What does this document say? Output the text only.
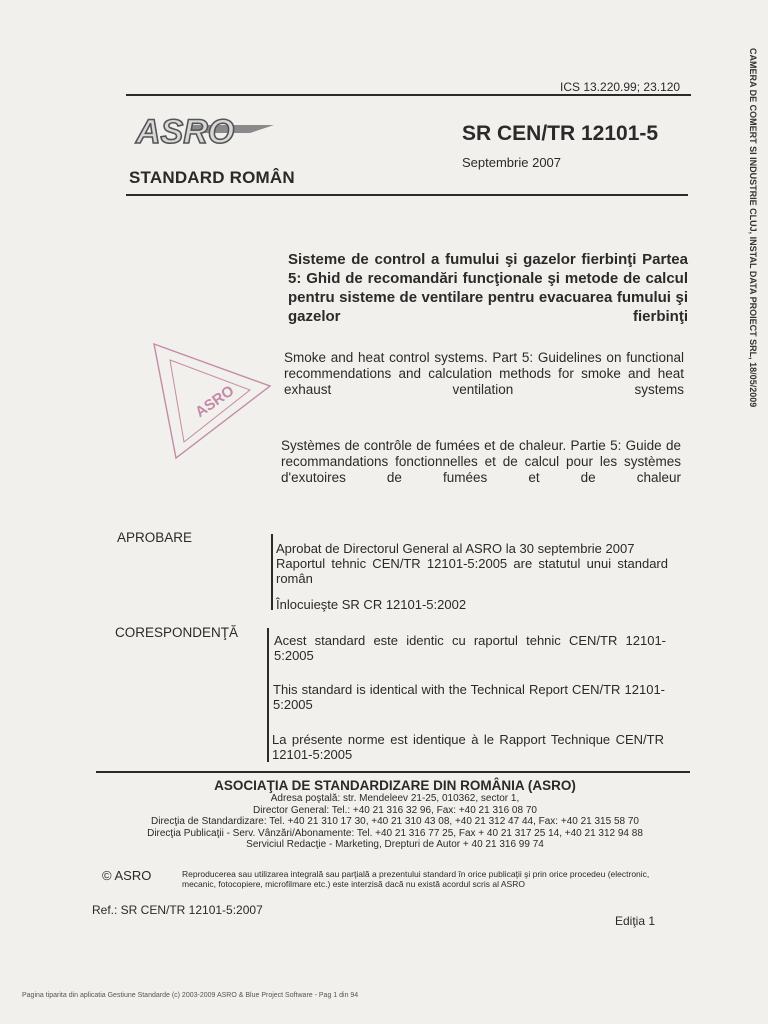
ICS 13.220.99; 23.120
ASRO
STANDARD ROMÂN
SR CEN/TR 12101-5
Septembrie 2007
Sisteme de control a fumului şi gazelor fierbinţi Partea 5: Ghid de recomandări funcţionale şi metode de calcul pentru sisteme de ventilare pentru evacuarea fumului şi gazelor fierbinţi
Smoke and heat control systems. Part 5: Guidelines on functional recommendations and calculation methods for smoke and heat exhaust ventilation systems
Systèmes de contrôle de fumées et de chaleur. Partie 5: Guide de recommandations fonctionnelles et de calcul pour les systèmes d'exutoires de fumées et de chaleur
ASRO
APROBARE
Aprobat de Directorul General al ASRO la 30 septembrie 2007
Raportul tehnic CEN/TR 12101-5:2005 are statutul unui standard român
Înlocuieşte SR CR 12101-5:2002
CORESPONDENŢĂ
Acest standard este identic cu raportul tehnic CEN/TR 12101-5:2005
This standard is identical with the Technical Report CEN/TR 12101-5:2005
La présente norme est identique à le Rapport Technique CEN/TR 12101-5:2005
ASOCIAŢIA DE STANDARDIZARE DIN ROMÂNIA (ASRO)
Adresa poştală: str. Mendeleev 21-25, 010362, sector 1,
Director General: Tel.: +40 21 316 32 96, Fax: +40 21 316 08 70
Direcţia de Standardizare: Tel. +40 21 310 17 30, +40 21 310 43 08, +40 21 312 47 44, Fax: +40 21 315 58 70
Direcţia Publicaţii - Serv. Vânzări/Abonamente: Tel. +40 21 316 77 25, Fax + 40 21 317 25 14, +40 21 312 94 88
Serviciul Redacţie - Marketing, Drepturi de Autor + 40 21 316 99 74
© ASRO	Reproducerea sau utilizarea integrală sau parţială a prezentului standard în orice publicaţii şi prin orice procedeu (electronic, mecanic, fotocopiere, microfilmare etc.) este interzisă dacă nu există acordul scris al ASRO
Ref.: SR CEN/TR 12101-5:2007
Ediţia 1
Pagina tiparita din aplicatia Gestiune Standarde (c) 2003-2009 ASRO & Blue Project Software - Pag 1 din 94
CAMERA DE COMERT SI INDUSTRIE CLUJ, INSTAL DATA PROIECT SRL, 18/05/2009
